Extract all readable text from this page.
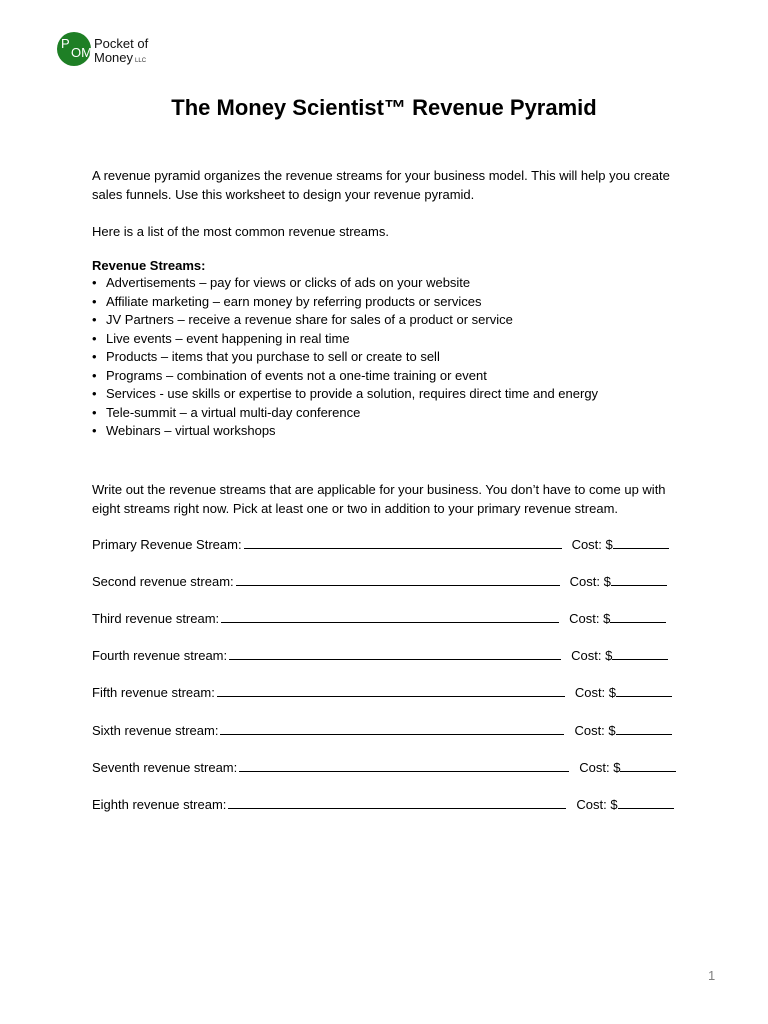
P
OM
Pocket of
Money LLC
The Money Scientist™ Revenue Pyramid

A revenue pyramid organizes the revenue streams for your business model. This will help you create sales funnels. Use this worksheet to design your revenue pyramid.

Here is a list of the most common revenue streams.

Revenue Streams:

• Advertisements – pay for views or clicks of ads on your website
• Affiliate marketing – earn money by referring products or services
• JV Partners – receive a revenue share for sales of a product or service
• Live events – event happening in real time
• Products – items that you purchase to sell or create to sell
• Programs – combination of events not a one-time training or event
• Services - use skills or expertise to provide a solution, requires direct time and energy
• Tele-summit – a virtual multi-day conference
• Webinars – virtual workshops

Write out the revenue streams that are applicable for your business. You don’t have to come up with eight streams right now. Pick at least one or two in addition to your primary revenue stream.

Primary Revenue Stream:	Cost: $
Second revenue stream:	Cost: $
Third revenue stream:	Cost: $
Fourth revenue stream:	Cost: $
Fifth revenue stream:	Cost: $
Sixth revenue stream:	Cost: $
Seventh revenue stream:	Cost: $
Eighth revenue stream:	Cost: $
1
